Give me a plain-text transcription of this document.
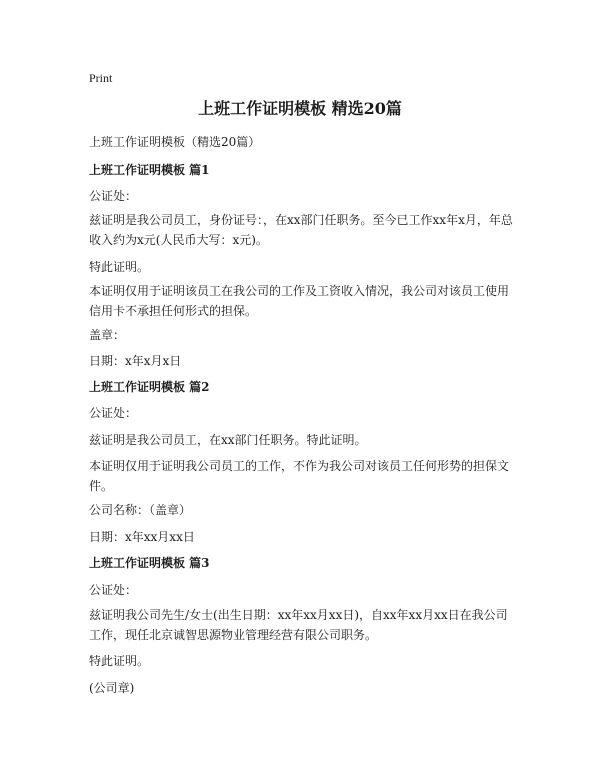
Print
上班工作证明模板 精选20篇
上班工作证明模板（精选20篇）
上班工作证明模板 篇1
公证处：
兹证明是我公司员工，身份证号：，在xx部门任职务。至今已工作xx年x月，年总收入约为x元(人民币大写：x元)。
特此证明。
本证明仅用于证明该员工在我公司的工作及工资收入情况，我公司对该员工使用信用卡不承担任何形式的担保。
盖章：
日期：x年x月x日
上班工作证明模板 篇2
公证处：
兹证明是我公司员工，在xx部门任职务。特此证明。
本证明仅用于证明我公司员工的工作，不作为我公司对该员工任何形势的担保文件。
公司名称：（盖章）
日期：x年xx月xx日
上班工作证明模板 篇3
公证处：
兹证明我公司先生/女士(出生日期：xx年xx月xx日)，自xx年xx月xx日在我公司工作，现任北京诚智思源物业管理经营有限公司职务。
特此证明。
(公司章)
